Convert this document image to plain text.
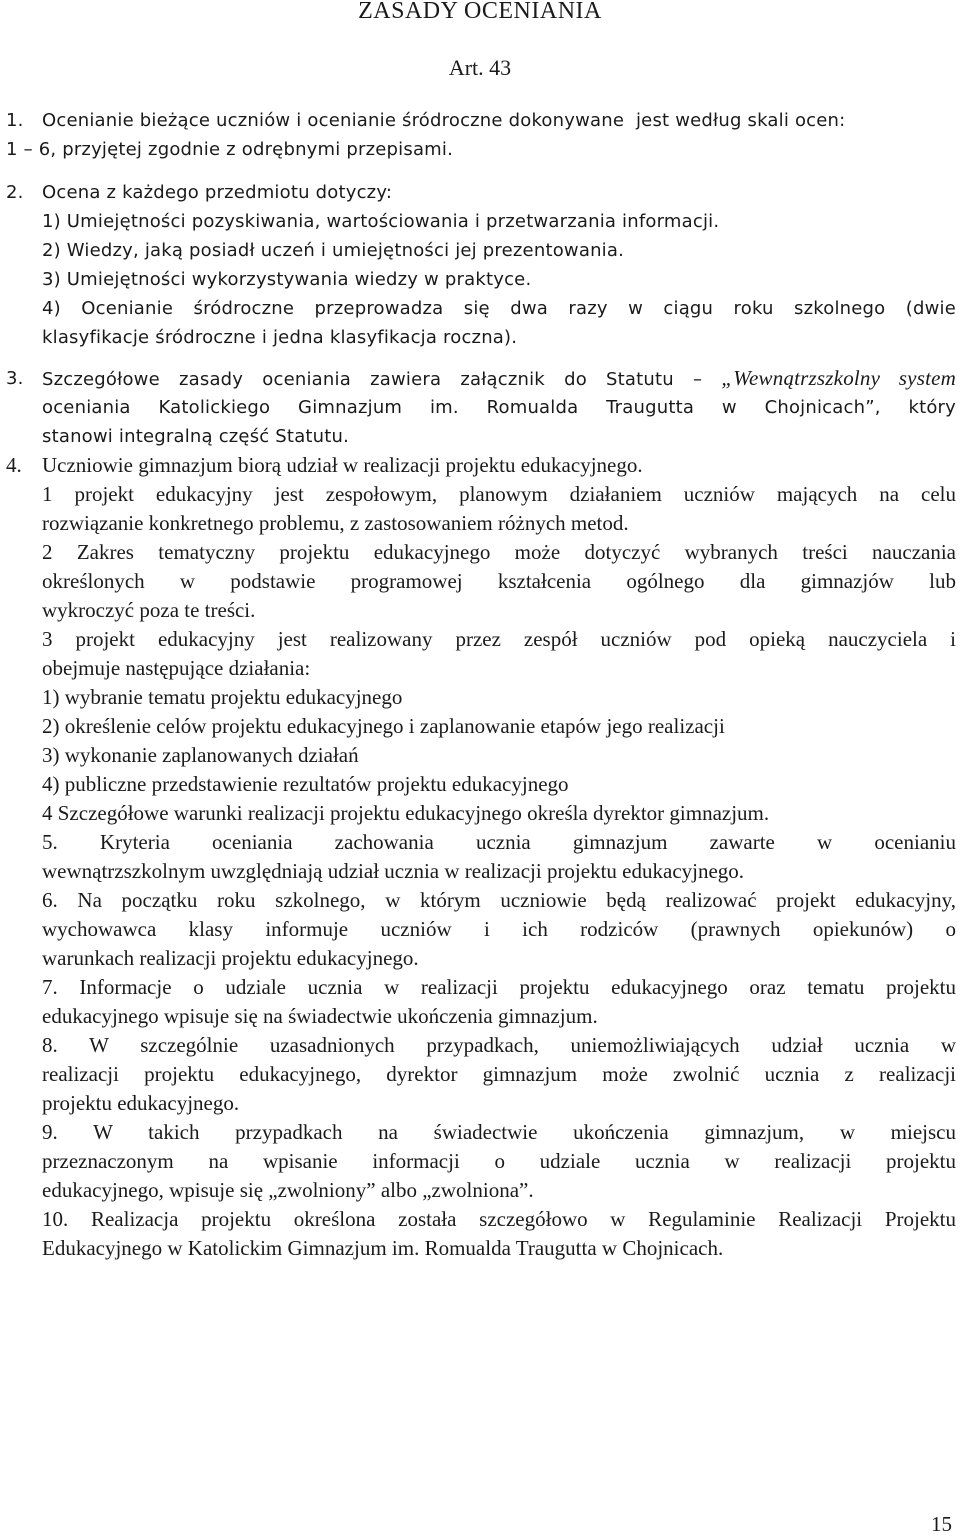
ZASADY OCENIANIA
Art. 43
1. Ocenianie bieżące uczniów i ocenianie śródroczne dokonywane  jest według skali ocen:
1 – 6, przyjętej zgodnie z odrębnymi przepisami.
2. Ocena z każdego przedmiotu dotyczy:
1) Umiejętności pozyskiwania, wartościowania i przetwarzania informacji.
2) Wiedzy, jaką posiadł uczeń i umiejętności jej prezentowania.
3) Umiejętności wykorzystywania wiedzy w praktyce.
4) Ocenianie śródroczne przeprowadza się dwa razy w ciągu roku szkolnego (dwie
klasyfikacje śródroczne i jedna klasyfikacja roczna).
3. Szczegółowe zasady oceniania zawiera załącznik do Statutu – „Wewnątrzszkolny system
oceniania Katolickiego Gimnazjum im. Romualda Traugutta w Chojnicach”, który
stanowi integralną część Statutu.
4. Uczniowie gimnazjum biorą udział w realizacji projektu edukacyjnego.
1 projekt edukacyjny jest zespołowym, planowym działaniem uczniów mających na celu
rozwiązanie konkretnego problemu, z zastosowaniem różnych metod.
2 Zakres tematyczny projektu edukacyjnego może dotyczyć wybranych treści nauczania
określonych w podstawie programowej kształcenia ogólnego dla gimnazjów lub
wykroczyć poza te treści.
3 projekt edukacyjny jest realizowany przez zespół uczniów pod opieką nauczyciela i
obejmuje następujące działania:
1) wybranie tematu projektu edukacyjnego
2) określenie celów projektu edukacyjnego i zaplanowanie etapów jego realizacji
3) wykonanie zaplanowanych działań
4) publiczne przedstawienie rezultatów projektu edukacyjnego
4 Szczegółowe warunki realizacji projektu edukacyjnego określa dyrektor gimnazjum.
5. Kryteria oceniania zachowania ucznia gimnazjum zawarte w ocenianiu
wewnątrzszkolnym uwzględniają udział ucznia w realizacji projektu edukacyjnego.
6. Na początku roku szkolnego, w którym uczniowie będą realizować projekt edukacyjny,
wychowawca klasy informuje uczniów i ich rodziców (prawnych opiekunów) o
warunkach realizacji projektu edukacyjnego.
7. Informacje o udziale ucznia w realizacji projektu edukacyjnego oraz tematu projektu
edukacyjnego wpisuje się na świadectwie ukończenia gimnazjum.
8. W szczególnie uzasadnionych przypadkach, uniemożliwiających udział ucznia w
realizacji projektu edukacyjnego, dyrektor gimnazjum może zwolnić ucznia z realizacji
projektu edukacyjnego.
9. W takich przypadkach na świadectwie ukończenia gimnazjum, w miejscu
przeznaczonym na wpisanie informacji o udziale ucznia w realizacji projektu
edukacyjnego, wpisuje się „zwolniony” albo „zwolniona”.
10. Realizacja projektu określona została szczegółowo w Regulaminie Realizacji Projektu
Edukacyjnego w Katolickim Gimnazjum im. Romualda Traugutta w Chojnicach.
15
